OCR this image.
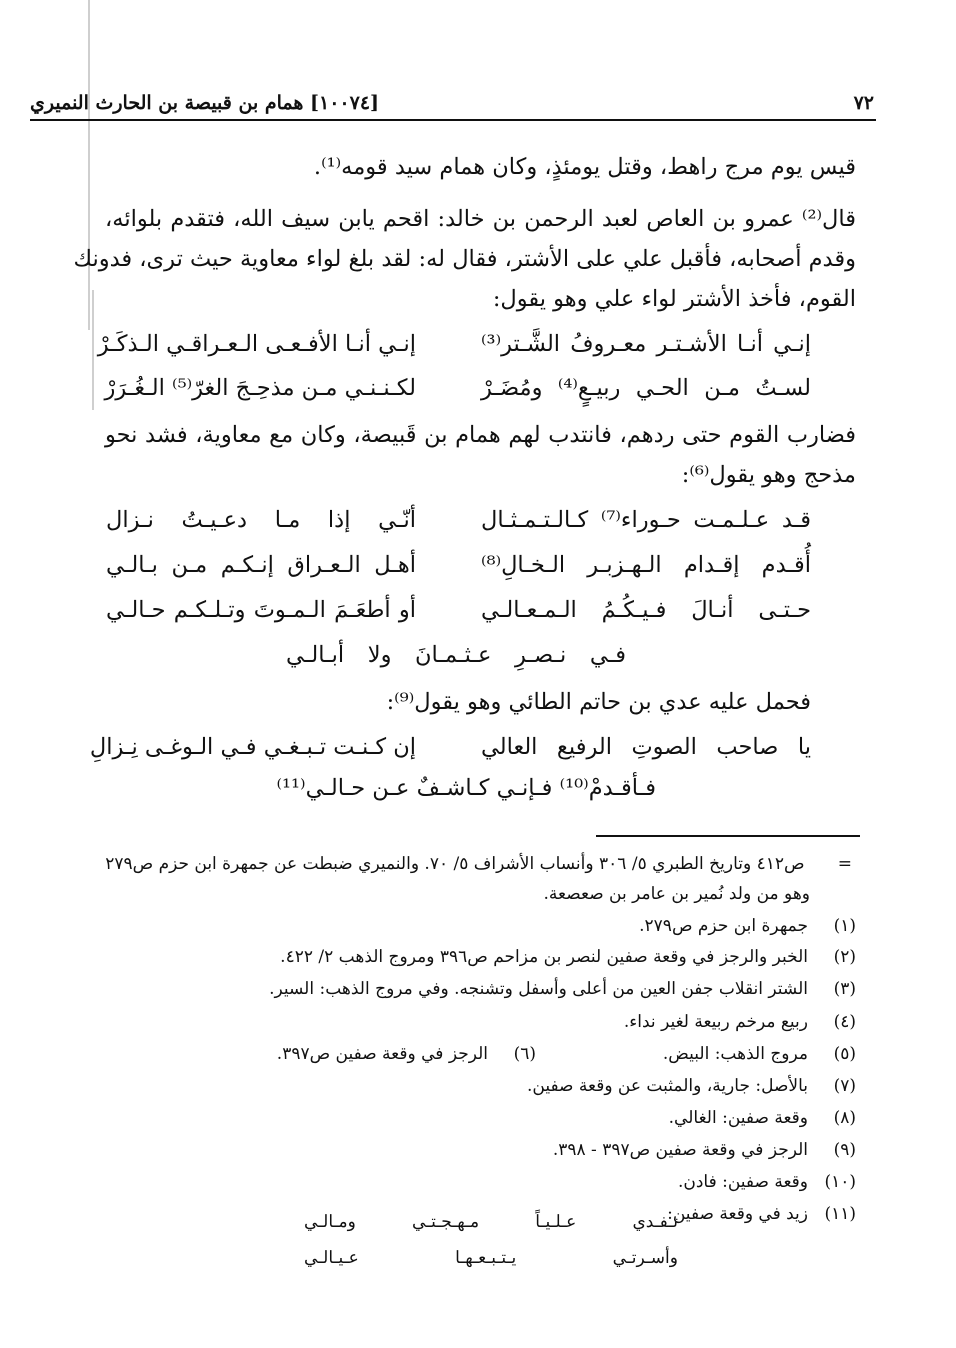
٧٢
[١٠٠٧٤] همام بن قبيصة بن الحارث النميري
قيس يوم مرج راهط، وقتل يومئذٍ، وكان همام سيد قومه⁽¹⁾.
قال⁽²⁾ عمرو بن العاص لعبد الرحمن بن خالد: اقحم يابن سيف الله، فتقدم بلوائه،
وقدم أصحابه، فأقبل علي على الأشتر، فقال له: لقد بلغ لواء معاوية حيث ترى، فدونك
القوم، فأخذ الأشتر لواء علي وهو يقول:
إنـي أنـا الأشـتـر معـروفُ الشَّـتر⁽³⁾
إنـي أنـا الأفـعـى الـعـراقـي الـذكَـرْ
لسـتُ مـن الحـي ربيـعٍ⁽⁴⁾ ومُضَـرْ
لكـنـنـي مـن مذحِـجَ الغرّ⁽⁵⁾ الـغُـرَرْ
فضارب القوم حتى ردهم، فانتدب لهم همام بن قَبيصة، وكان مع معاوية، فشد نحو
مذحج وهو يقول⁽⁶⁾:
قـد عـلـمـت حـوراء⁽⁷⁾ كـالـتـمـثـال
أنّـي إذا مـا دعـيـتُ نـزال
أُقـدم إقـدام الـهـزبـر الـخـالِ⁽⁸⁾
أهـل الـعـراق إنـكـم مـن بـالـي
حـتـى أنـالَ فـيـكُـمُ الـمـعـالـي
أو أطعَـمَ الـمـوتَ وتـلـكـم حـالـي
فـي نـصـرِ عـثـمـانَ ولا أبـالـي
فحمل عليه عدي بن حاتم الطائي وهو يقول⁽⁹⁾:
يا صاحب الصوتِ الرفيع العالي
إن كـنـت تـبـغـي فـي الـوغـى نِـزالِ
فـأقـدمْ⁽¹⁰⁾ فـإنـي كـاشـفٌ عـن حـالـي⁽¹¹⁾
= ص٤١٢ وتاريخ الطبري ٥/ ٣٠٦ وأنساب الأشراف ٥/ ٧٠. والنميري ضبطت عن جمهرة ابن حزم ص٢٧٩
وهو من ولد نُمير بن عامر بن صعصعة.
(١)جمهرة ابن حزم ص٢٧٩.
(٢)الخبر والرجز في وقعة صفين لنصر بن مزاحم ص٣٩٦ ومروج الذهب ٢/ ٤٢٢.
(٣)الشتر انقلاب جفن العين من أعلى وأسفل وتشنجه. وفي مروج الذهب: السير.
(٤)ربيع مرخم ربيعة لغير نداء.
(٥)مروج الذهب: البيض.
(٧)بالأصل: جارية، والمثبت عن وقعة صفين.
(٨)وقعة صفين: الغالي.
(٩)الرجز في وقعة صفين ص٣٩٧ - ٣٩٨.
(١٠)وقعة صفين: فادن.
(١١)زيد في وقعة صفين:
(٦)الرجز في وقعة صفين ص٣٩٧.
تـفـدي عـلـيـاً مـهـجـتـي ومـالـي
وأسـرتـي يـتـبـعـهـا عـيـالـي
